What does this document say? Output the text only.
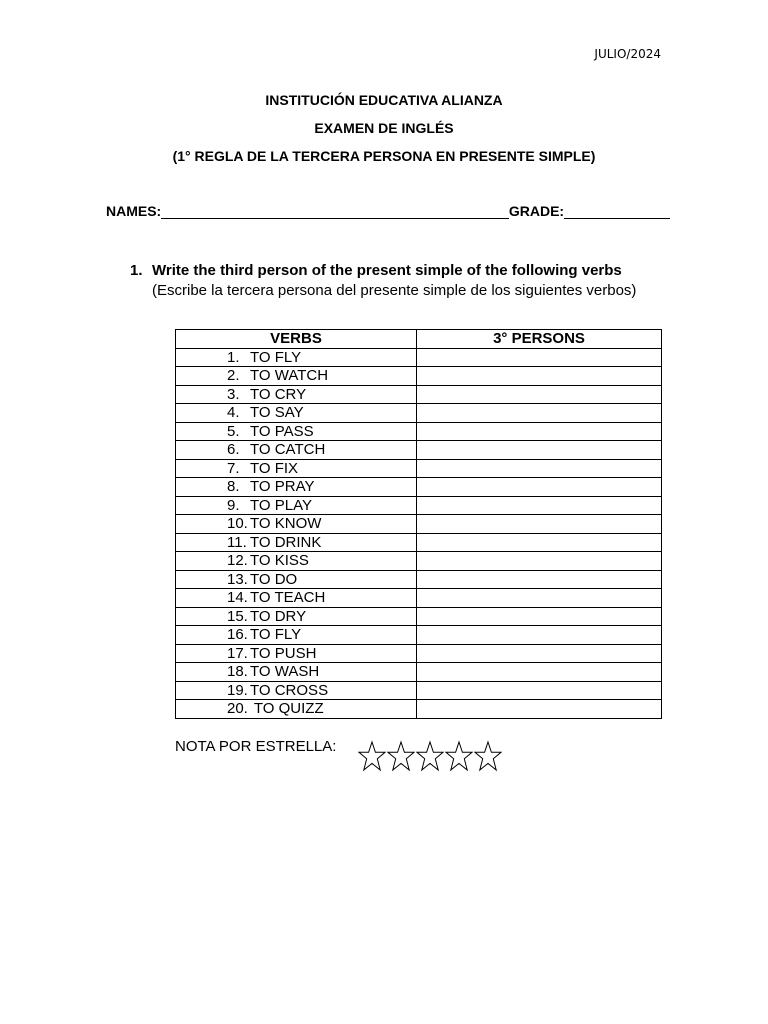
JULIO/2024
INSTITUCIÓN EDUCATIVA ALIANZA
EXAMEN DE INGLÉS
(1° REGLA DE LA TERCERA PERSONA EN PRESENTE SIMPLE)
NAMES:	GRADE:
1. Write the third person of the present simple of the following verbs
(Escribe la tercera persona del presente simple de los siguientes verbos)
VERBS	3° PERSONS

1. TO FLY	

2. TO WATCH	

3. TO CRY	

4. TO SAY	

5. TO PASS	

6. TO CATCH	

7. TO FIX	

8. TO PRAY	

9. TO PLAY	

10. TO KNOW	

11. TO DRINK	

12. TO KISS	

13. TO DO	

14. TO TEACH	

15. TO DRY	

16. TO FLY	

17. TO PUSH	

18. TO WASH	

19. TO CROSS	

20. TO QUIZZ	

NOTA POR ESTRELLA:
